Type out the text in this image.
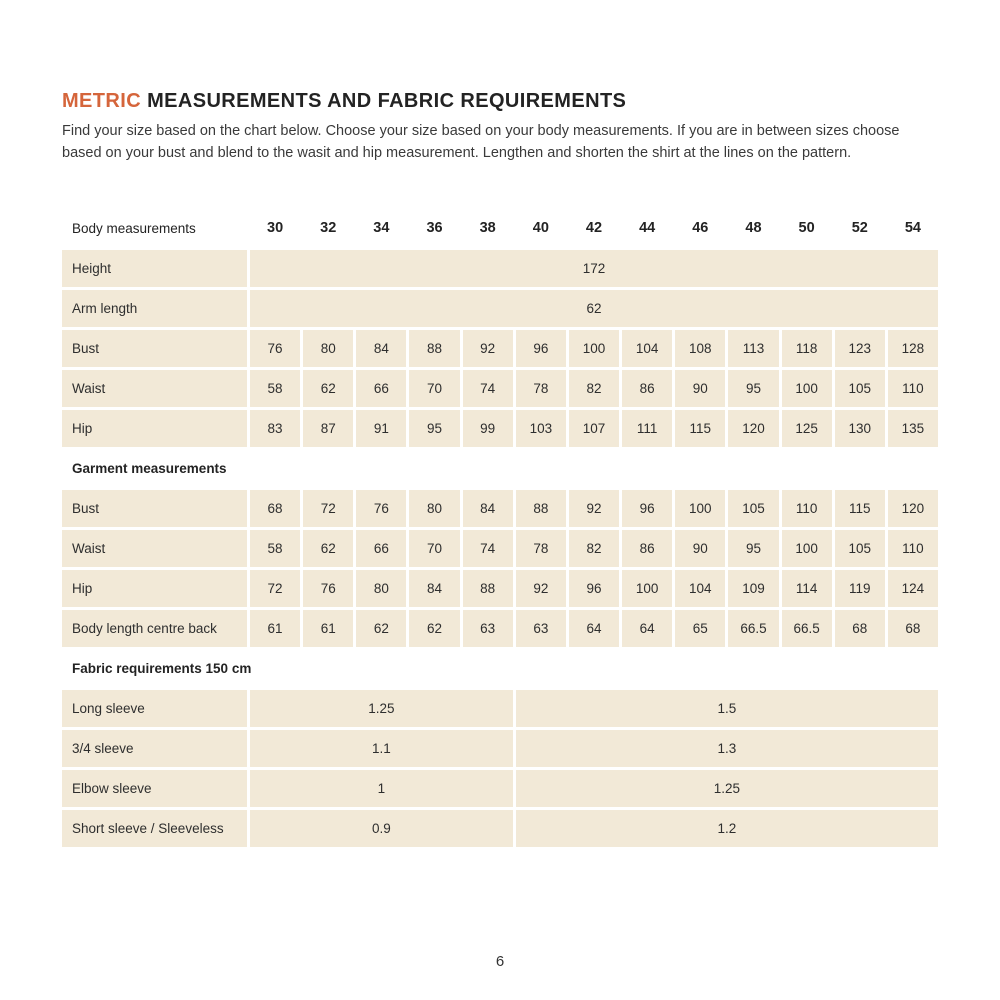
METRIC MEASUREMENTS AND FABRIC REQUIREMENTS

Find your size based on the chart below. Choose your size based on your body measurements. If you are in between sizes choose
based on your bust and blend to the wasit and hip measurement. Lengthen and shorten the shirt at the lines on the pattern.

Body measurements	30	32	34	36	38	40	42	44	46	48	50	52	54
Height	172
Arm length	62
Bust	76	80	84	88	92	96	100	104	108	113	118	123	128
Waist	58	62	66	70	74	78	82	86	90	95	100	105	110
Hip	83	87	91	95	99	103	107	111	115	120	125	130	135
Garment measurements
Bust	68	72	76	80	84	88	92	96	100	105	110	115	120
Waist	58	62	66	70	74	78	82	86	90	95	100	105	110
Hip	72	76	80	84	88	92	96	100	104	109	114	119	124
Body length centre back	61	61	62	62	63	63	64	64	65	66.5	66.5	68	68
Fabric requirements 150 cm
Long sleeve	1.25	1.5
3/4 sleeve	1.1	1.3
Elbow sleeve	1	1.25
Short sleeve / Sleeveless	0.9	1.2
6
